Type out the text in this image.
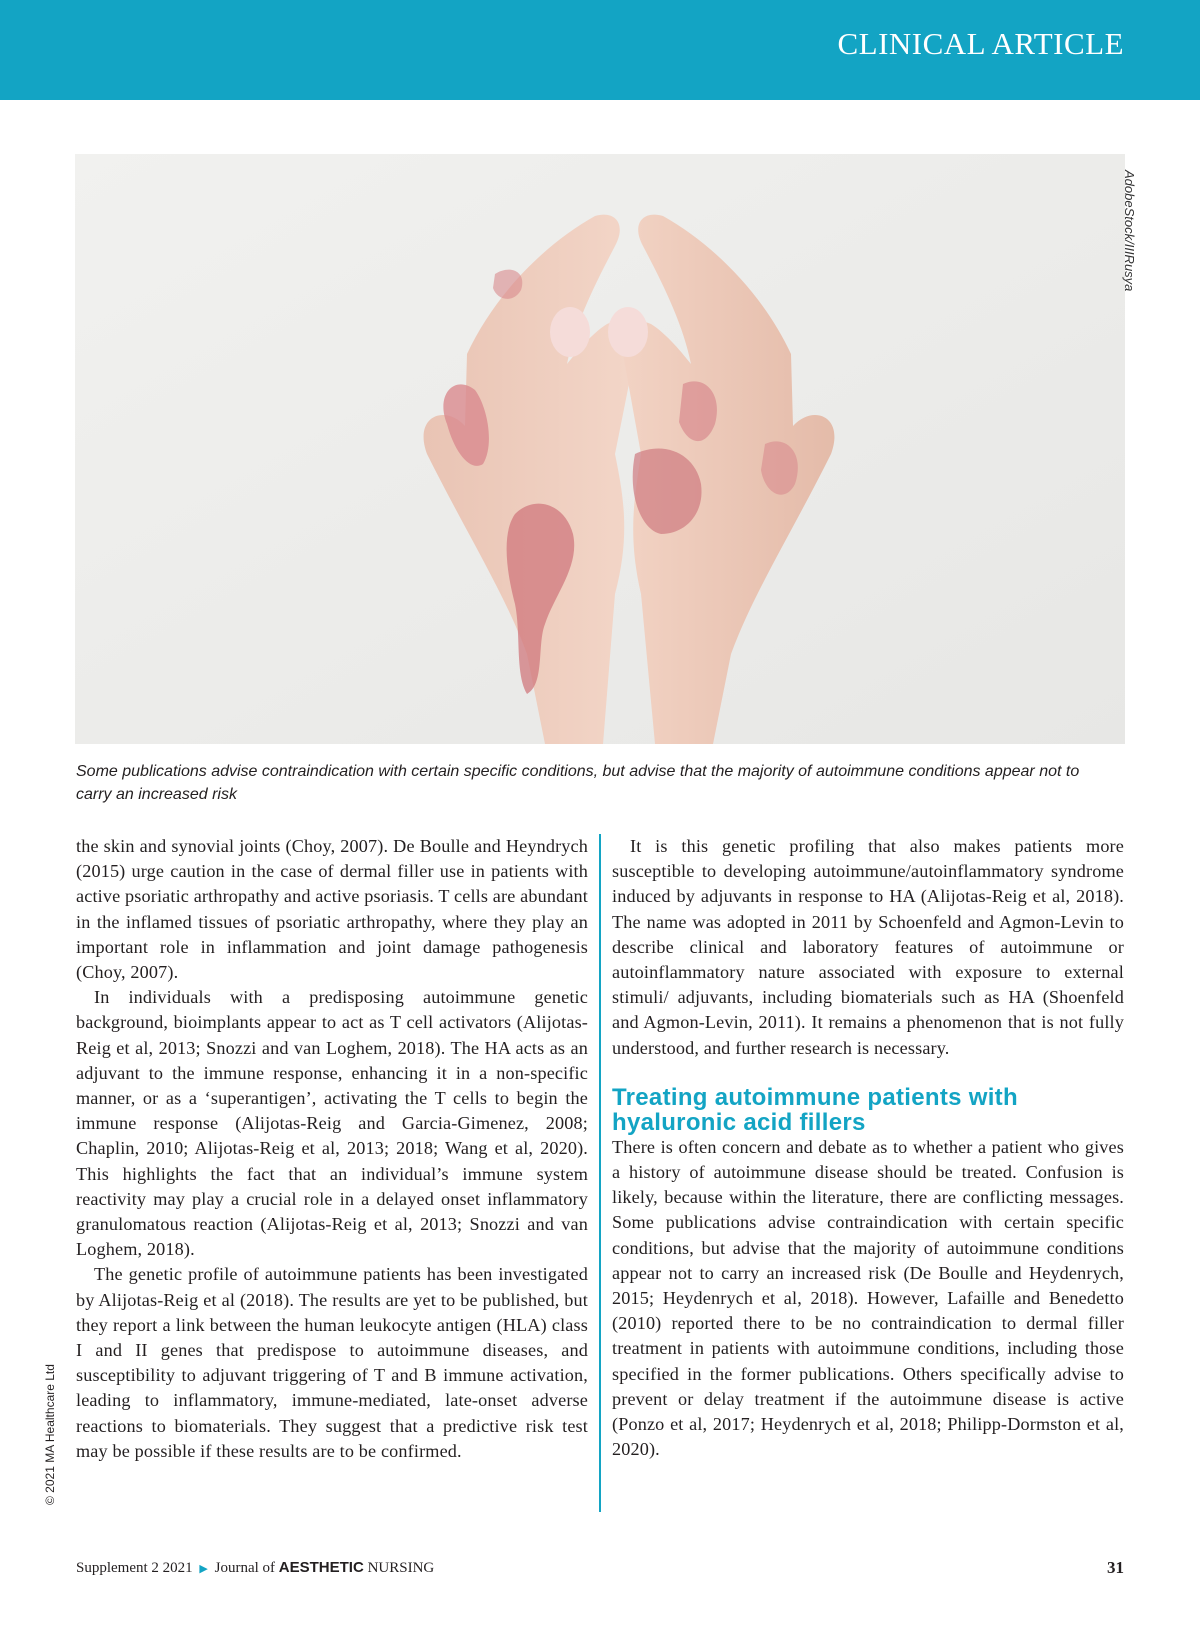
CLINICAL ARTICLE
AdobeStock/IIIRusya
Some publications advise contraindication with certain specific conditions, but advise that the majority of autoimmune conditions appear not to carry an increased risk

the skin and synovial joints (Choy, 2007). De Boulle and Heyndrych (2015) urge caution in the case of dermal filler use in patients with active psoriatic arthropathy and active psoriasis. T cells are abundant in the inflamed tissues of psoriatic arthropathy, where they play an important role in inflammation and joint damage pathogenesis (Choy, 2007).

In individuals with a predisposing autoimmune genetic background, bioimplants appear to act as T cell activators (Alijotas-Reig et al, 2013; Snozzi and van Loghem, 2018). The HA acts as an adjuvant to the immune response, enhancing it in a non-specific manner, or as a ‘superantigen’, activating the T cells to begin the immune response (Alijotas-Reig and Garcia-Gimenez, 2008; Chaplin, 2010; Alijotas-Reig et al, 2013; 2018; Wang et al, 2020). This highlights the fact that an individual’s immune system reactivity may play a crucial role in a delayed onset inflammatory granulomatous reaction (Alijotas-Reig et al, 2013; Snozzi and van Loghem, 2018).

The genetic profile of autoimmune patients has been investigated by Alijotas-Reig et al (2018). The results are yet to be published, but they report a link between the human leukocyte antigen (HLA) class I and II genes that predispose to autoimmune diseases, and susceptibility to adjuvant triggering of T and B immune activation, leading to inflammatory, immune-mediated, late-onset adverse reactions to biomaterials. They suggest that a predictive risk test may be possible if these results are to be confirmed.

It is this genetic profiling that also makes patients more susceptible to developing autoimmune/autoinflammatory syndrome induced by adjuvants in response to HA (Alijotas-Reig et al, 2018). The name was adopted in 2011 by Schoenfeld and Agmon-Levin to describe clinical and laboratory features of autoimmune or autoinflammatory nature associated with exposure to external stimuli/ adjuvants, including biomaterials such as HA (Shoenfeld and Agmon-Levin, 2011). It remains a phenomenon that is not fully understood, and further research is necessary.

Treating autoimmune patients with hyaluronic acid fillers

There is often concern and debate as to whether a patient who gives a history of autoimmune disease should be treated. Confusion is likely, because within the literature, there are conflicting messages. Some publications advise contraindication with certain specific conditions, but advise that the majority of autoimmune conditions appear not to carry an increased risk (De Boulle and Heydenrych, 2015; Heydenrych et al, 2018). However, Lafaille and Benedetto (2010) reported there to be no contraindication to dermal filler treatment in patients with autoimmune conditions, including those specified in the former publications. Others specifically advise to prevent or delay treatment if the autoimmune disease is active (Ponzo et al, 2017; Heydenrych et al, 2018; Philipp-Dormston et al, 2020).

© 2021 MA Healthcare Ltd
Supplement 2 2021 ▶ Journal of AESTHETIC NURSING	31
